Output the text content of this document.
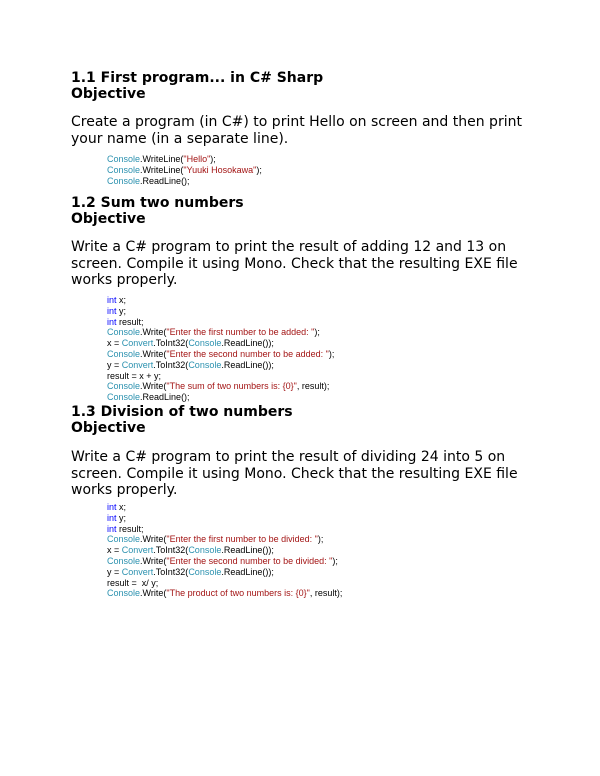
1.1 First program... in C# Sharp

Objective

Create a program (in C#) to print Hello on screen and then print your name (in a separate line).

Console.WriteLine("Hello");
Console.WriteLine("Yuuki Hosokawa");
Console.ReadLine();

1.2 Sum two numbers

Objective

Write a C# program to print the result of adding 12 and 13 on screen. Compile it using Mono. Check that the resulting EXE file works properly.

int x;
int y;
int result;
Console.Write("Enter the first number to be added: ");
x = Convert.ToInt32(Console.ReadLine());
Console.Write("Enter the second number to be added: ");
y = Convert.ToInt32(Console.ReadLine());
result = x + y;
Console.Write("The sum of two numbers is: {0}", result);
Console.ReadLine();

1.3 Division of two numbers

Objective

Write a C# program to print the result of dividing 24 into 5 on screen. Compile it using Mono. Check that the resulting EXE file works properly.

int x;
int y;
int result;
Console.Write("Enter the first number to be divided: ");
x = Convert.ToInt32(Console.ReadLine());
Console.Write("Enter the second number to be divided: ");
y = Convert.ToInt32(Console.ReadLine());
result =  x/ y;
Console.Write("The product of two numbers is: {0}", result);
